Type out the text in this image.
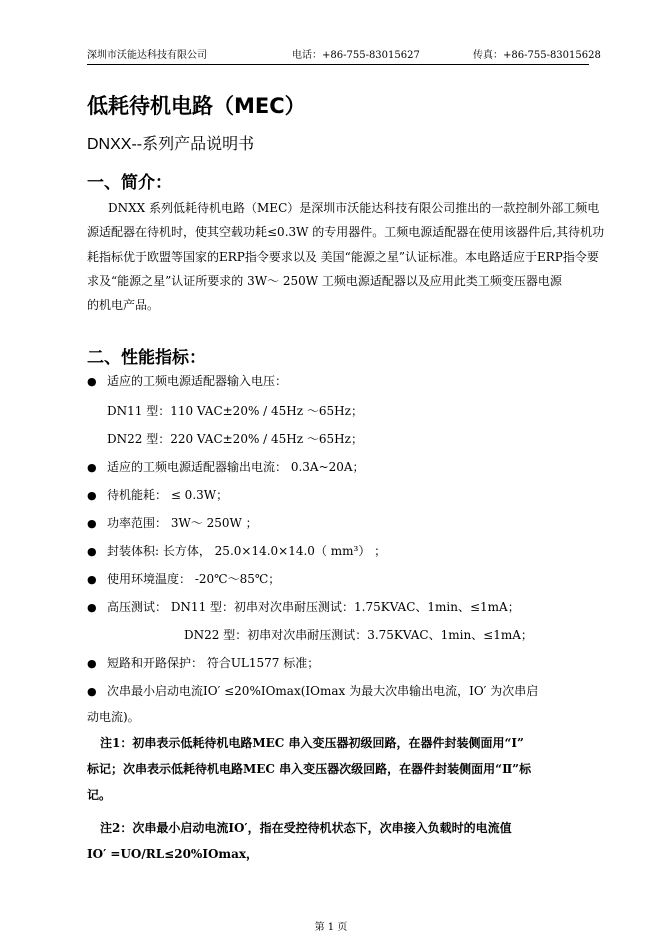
深圳市沃能达科技有限公司	电话：+86-755-83015627	传真：+86-755-83015628
低耗待机电路（MEC）
DNXX--系列产品说明书
一、简介：
DNXX 系列低耗待机电路（MEC）是深圳市沃能达科技有限公司推出的一款控制外部工频电
源适配器在待机时，使其空载功耗≤0.3W 的专用器件。工频电源适配器在使用该器件后,其待机功
耗指标优于欧盟等国家的ERP指令要求以及 美国“能源之星”认证标准。本电路适应于ERP指令要
求及“能源之星”认证所要求的 3W～ 250W 工频电源适配器以及应用此类工频变压器电源
的机电产品。
二、性能指标：
● 适应的工频电源适配器输入电压：
DN11 型：110 VAC±20% / 45Hz ～65Hz；
DN22 型：220 VAC±20% / 45Hz ～65Hz；
● 适应的工频电源适配器输出电流： 0.3A~20A；
● 待机能耗： ≤ 0.3W；
● 功率范围： 3W～ 250W ；
● 封装体积: 长方体， 25.0×14.0×14.0（ mm³） ；
● 使用环境温度： -20℃～85℃；
● 高压测试： DN11 型：初串对次串耐压测试：1.75KVAC、1min、≤1mA；
DN22 型：初串对次串耐压测试：3.75KVAC、1min、≤1mA；
● 短路和开路保护： 符合UL1577 标准；
● 次串最小启动电流IO′ ≤20%IOmax(IOmax 为最大次串输出电流，IO′ 为次串启
动电流)。
注1：初串表示低耗待机电路MEC 串入变压器初级回路，在器件封装侧面用“Ⅰ”
标记；次串表示低耗待机电路MEC 串入变压器次级回路，在器件封装侧面用“Ⅱ”标
记。
注2：次串最小启动电流IO′，指在受控待机状态下，次串接入负载时的电流值
IO′ =UO/RL≤20%IOmax，
第 1 页
